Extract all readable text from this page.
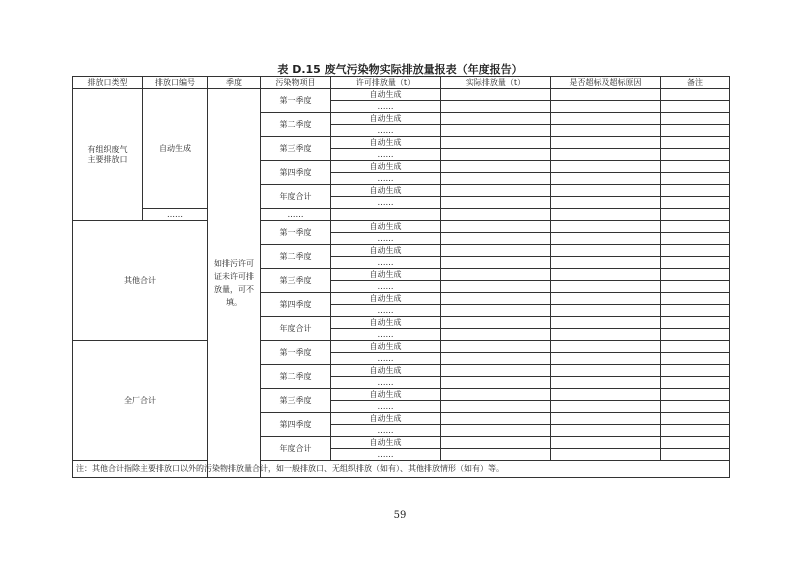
表 D.15 废气污染物实际排放量报表（年度报告）
排放口类型	排放口编号	季度	污染物项目	许可排放量（t）	实际排放量（t）	是否超标及超标原因	备注

有组织废气
主要排放口	自动生成	如排污许可证未许可排放量，可不填。	第一季度	自动生成			
				……			
			第二季度	自动生成			
				……			
			第三季度	自动生成			
				……			
			第四季度	自动生成			
				……			
			年度合计	自动生成			
				……			
	……		……				
其他合计			第一季度	自动生成			
				……			
			第二季度	自动生成			
				……			
			第三季度	自动生成			
				……			
			第四季度	自动生成			
				……			
			年度合计	自动生成			
				……			
全厂合计			第一季度	自动生成			
				……			
			第二季度	自动生成			
				……			
			第三季度	自动生成			
				……			
			第四季度	自动生成			
				……			
			年度合计	自动生成			
				……			
注：其他合计指除主要排放口以外的污染物排放量合计，如一般排放口、无组织排放（如有）、其他排放情形（如有）等。							
59
